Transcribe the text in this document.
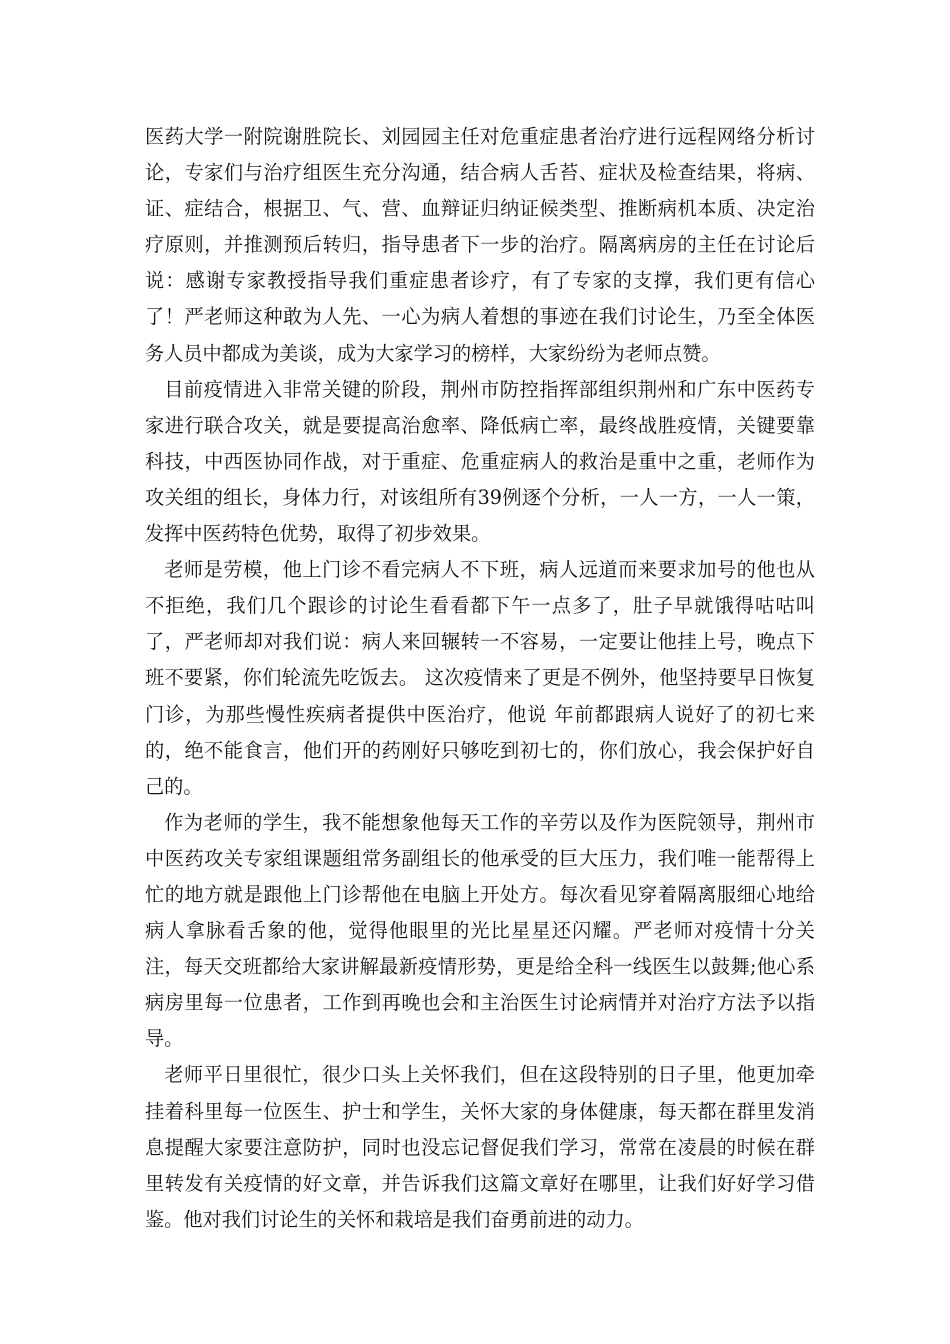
医药大学一附院谢胜院长、刘园园主任对危重症患者治疗进行远程网络分析讨论，专家们与治疗组医生充分沟通，结合病人舌苔、症状及检查结果，将病、证、症结合，根据卫、气、营、血辩证归纳证候类型、推断病机本质、决定治疗原则，并推测预后转归，指导患者下一步的治疗。隔离病房的主任在讨论后说：感谢专家教授指导我们重症患者诊疗，有了专家的支撑，我们更有信心了！严老师这种敢为人先、一心为病人着想的事迹在我们讨论生，乃至全体医务人员中都成为美谈，成为大家学习的榜样，大家纷纷为老师点赞。

目前疫情进入非常关键的阶段，荆州市防控指挥部组织荆州和广东中医药专家进行联合攻关，就是要提高治愈率、降低病亡率，最终战胜疫情，关键要靠科技，中西医协同作战，对于重症、危重症病人的救治是重中之重，老师作为攻关组的组长，身体力行，对该组所有39例逐个分析，一人一方，一人一策，发挥中医药特色优势，取得了初步效果。

老师是劳模，他上门诊不看完病人不下班，病人远道而来要求加号的他也从不拒绝，我们几个跟诊的讨论生看看都下午一点多了，肚子早就饿得咕咕叫了，严老师却对我们说：病人来回辗转一不容易，一定要让他挂上号，晚点下班不要紧，你们轮流先吃饭去。 这次疫情来了更是不例外，他坚持要早日恢复门诊，为那些慢性疾病者提供中医治疗，他说 年前都跟病人说好了的初七来的，绝不能食言，他们开的药刚好只够吃到初七的，你们放心，我会保护好自己的。

作为老师的学生，我不能想象他每天工作的辛劳以及作为医院领导，荆州市中医药攻关专家组课题组常务副组长的他承受的巨大压力，我们唯一能帮得上忙的地方就是跟他上门诊帮他在电脑上开处方。每次看见穿着隔离服细心地给病人拿脉看舌象的他，觉得他眼里的光比星星还闪耀。严老师对疫情十分关注，每天交班都给大家讲解最新疫情形势，更是给全科一线医生以鼓舞;他心系病房里每一位患者，工作到再晚也会和主治医生讨论病情并对治疗方法予以指导。

老师平日里很忙，很少口头上关怀我们，但在这段特别的日子里，他更加牵挂着科里每一位医生、护士和学生，关怀大家的身体健康，每天都在群里发消息提醒大家要注意防护，同时也没忘记督促我们学习，常常在凌晨的时候在群里转发有关疫情的好文章，并告诉我们这篇文章好在哪里，让我们好好学习借鉴。他对我们讨论生的关怀和栽培是我们奋勇前进的动力。
